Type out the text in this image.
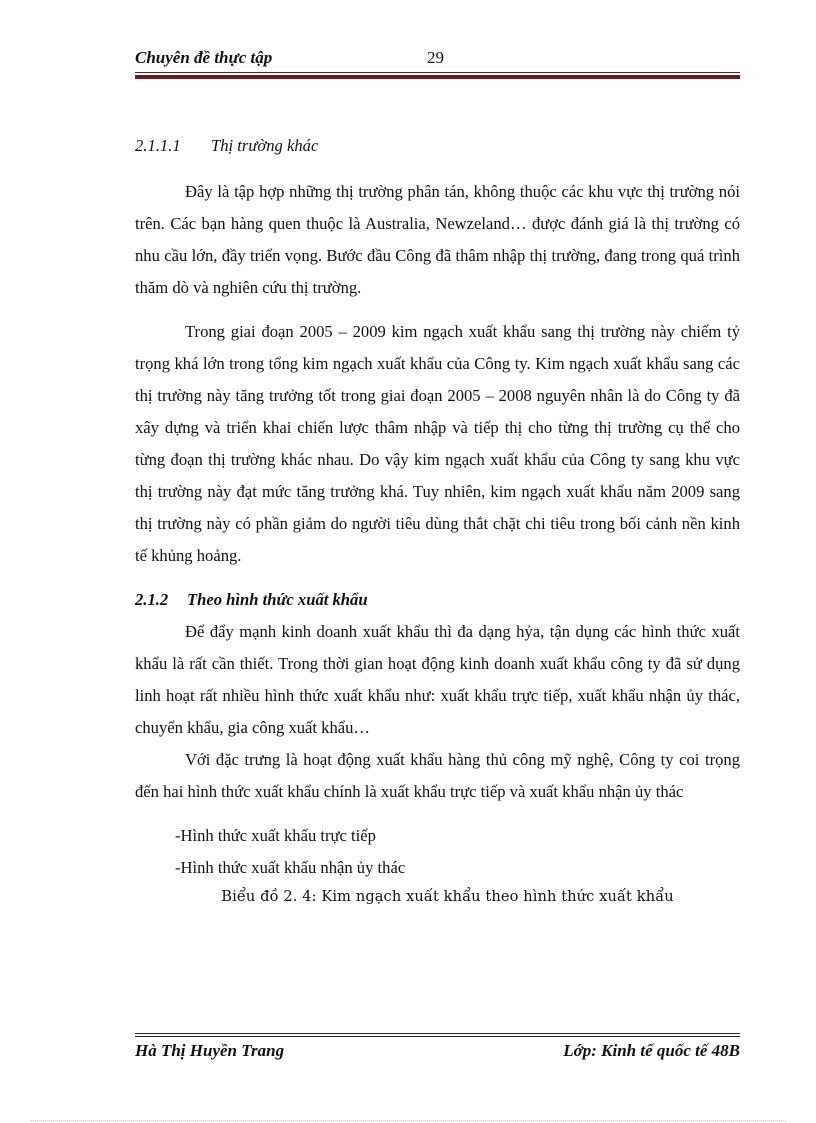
Chuyên đề thực tập	29

2.1.1.1 Thị trường khác

Đây là tập hợp những thị trường phân tán, không thuộc các khu vực thị trường nói trên. Các bạn hàng quen thuộc là Australia, Newzeland… được đánh giá là thị trường có nhu cầu lớn, đầy triển vọng. Bước đầu Công đã thâm nhập thị trường, đang trong quá trình thăm dò và nghiên cứu thị trường.

Trong giai đoạn 2005 – 2009 kim ngạch xuất khẩu sang thị trường này chiếm tỷ trọng khá lớn trong tổng kim ngạch xuất khẩu của Công ty. Kim ngạch xuất khẩu sang các thị trường này tăng trưởng tốt trong giai đoạn 2005 – 2008 nguyên nhân là do Công ty đã xây dựng và triển khai chiến lược thâm nhập và tiếp thị cho từng thị trường cụ thể cho từng đoạn thị trường khác nhau. Do vậy kim ngạch xuất khẩu của Công ty sang khu vực thị trường này đạt mức tăng trưởng khá. Tuy nhiên, kim ngạch xuất khẩu năm 2009 sang thị trường này có phần giảm do người tiêu dùng thắt chặt chi tiêu trong bối cảnh nền kinh tế khủng hoảng.

2.1.2 Theo hình thức xuất khẩu

Để đẩy mạnh kinh doanh xuất khẩu thì đa dạng hỷa, tận dụng các hình thức xuất khẩu là rất cần thiết. Trong thời gian hoạt động kinh doanh xuất khẩu công ty đã sử dụng linh hoạt rất nhiều hình thức xuất khẩu như: xuất khẩu trực tiếp, xuất khẩu nhận ủy thác, chuyển khẩu, gia công xuất khẩu…

Với đặc trưng là hoạt động xuất khẩu hàng thủ công mỹ nghệ, Công ty coi trọng đến hai hình thức xuất khẩu chính là xuất khẩu trực tiếp và xuất khẩu nhận ủy thác

-Hình thức xuất khẩu trực tiếp

-Hình thức xuất khẩu nhận ủy thác

Biểu đồ 2. 4: Kim ngạch xuất khẩu theo hình thức xuất khẩu

Hà Thị Huyền Trang	Lớp: Kinh tế quốc tế 48B
